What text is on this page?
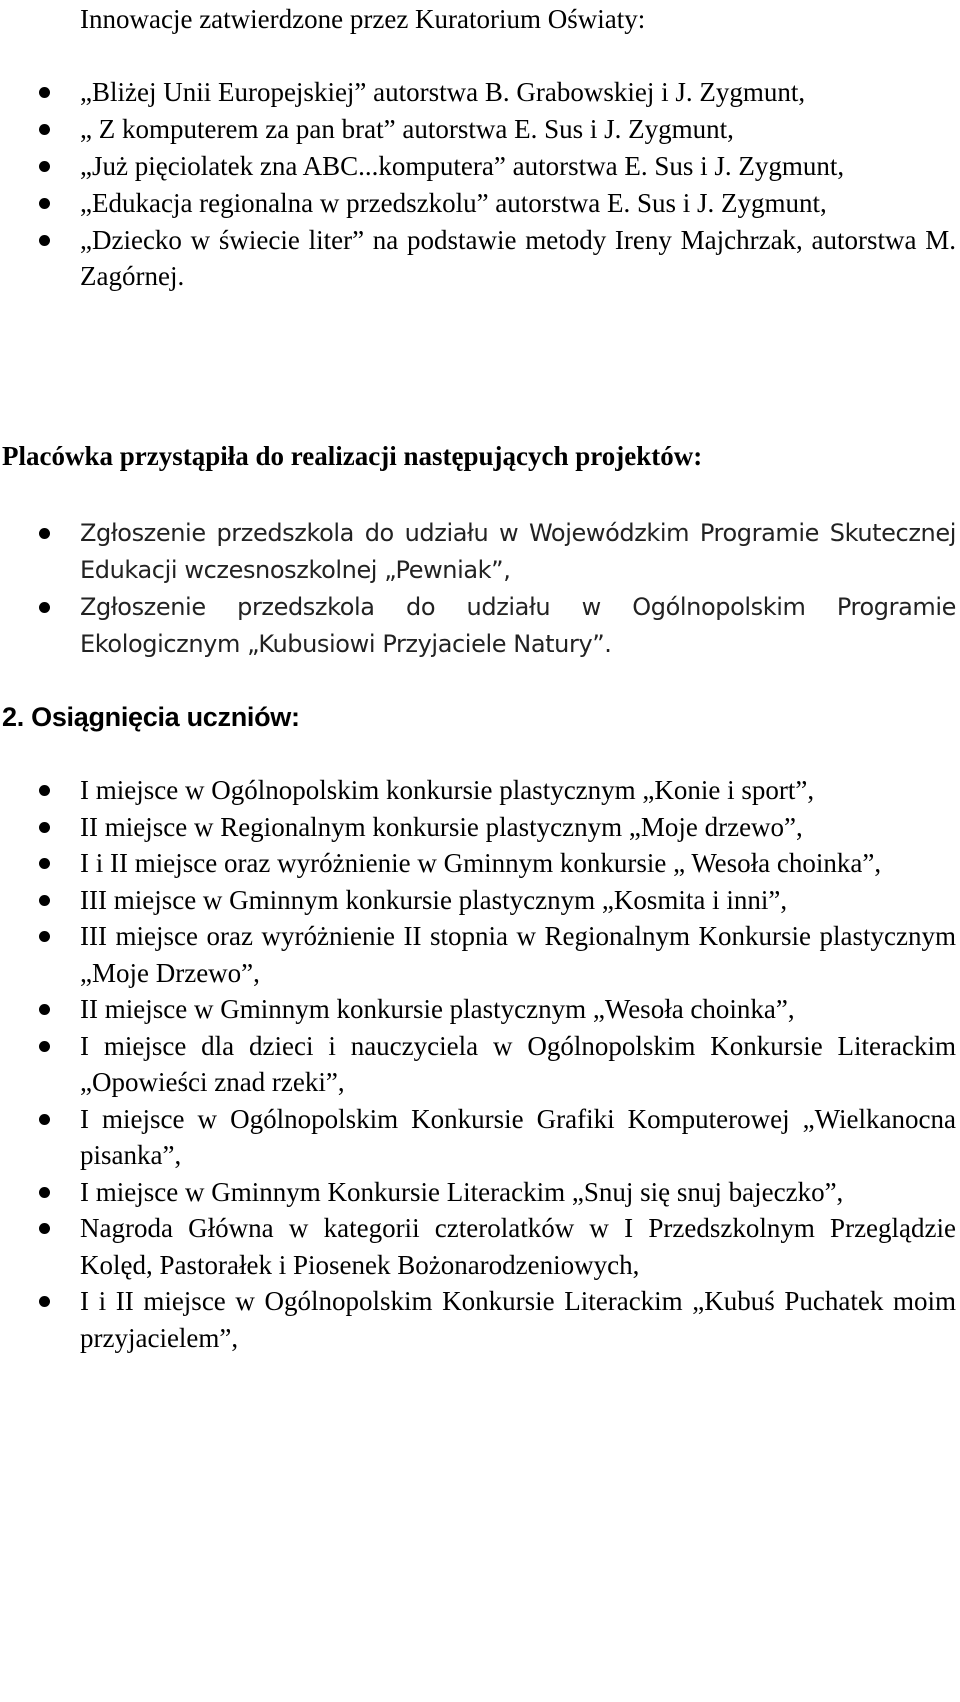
Innowacje zatwierdzone przez Kuratorium Oświaty:
„Bliżej Unii Europejskiej” autorstwa B. Grabowskiej i J. Zygmunt,
„ Z komputerem za pan brat” autorstwa E. Sus i J. Zygmunt,
„Już pięciolatek zna ABC...komputera” autorstwa E. Sus i J. Zygmunt,
„Edukacja regionalna w przedszkolu” autorstwa E. Sus i J. Zygmunt,
„Dziecko w świecie liter” na podstawie metody Ireny Majchrzak, autorstwa M. Zagórnej.
Placówka przystąpiła do realizacji następujących projektów:
Zgłoszenie przedszkola do udziału w Wojewódzkim Programie Skutecznej Edukacji wczesnoszkolnej „Pewniak”,
Zgłoszenie przedszkola do udziału w Ogólnopolskim Programie Ekologicznym „Kubusiowi Przyjaciele Natury”.
2. Osiągnięcia uczniów:
I miejsce w Ogólnopolskim konkursie plastycznym „Konie i sport”,
II miejsce w Regionalnym konkursie plastycznym „Moje drzewo”,
I i II miejsce oraz wyróżnienie w Gminnym konkursie „ Wesoła choinka”,
III miejsce w Gminnym konkursie plastycznym „Kosmita i inni”,
III miejsce oraz wyróżnienie II stopnia w Regionalnym Konkursie plastycznym „Moje Drzewo”,
II miejsce w Gminnym konkursie plastycznym „Wesoła choinka”,
I miejsce dla dzieci i nauczyciela w Ogólnopolskim Konkursie Literackim „Opowieści znad rzeki”,
I miejsce w Ogólnopolskim Konkursie Grafiki Komputerowej „Wielkanocna pisanka”,
I miejsce w Gminnym Konkursie Literackim „Snuj się snuj bajeczko”,
Nagroda Główna w kategorii czterolatków w I Przedszkolnym Przeglądzie Kolęd, Pastorałek i Piosenek Bożonarodzeniowych,
I i II miejsce w Ogólnopolskim Konkursie Literackim „Kubuś Puchatek moim przyjacielem”,
